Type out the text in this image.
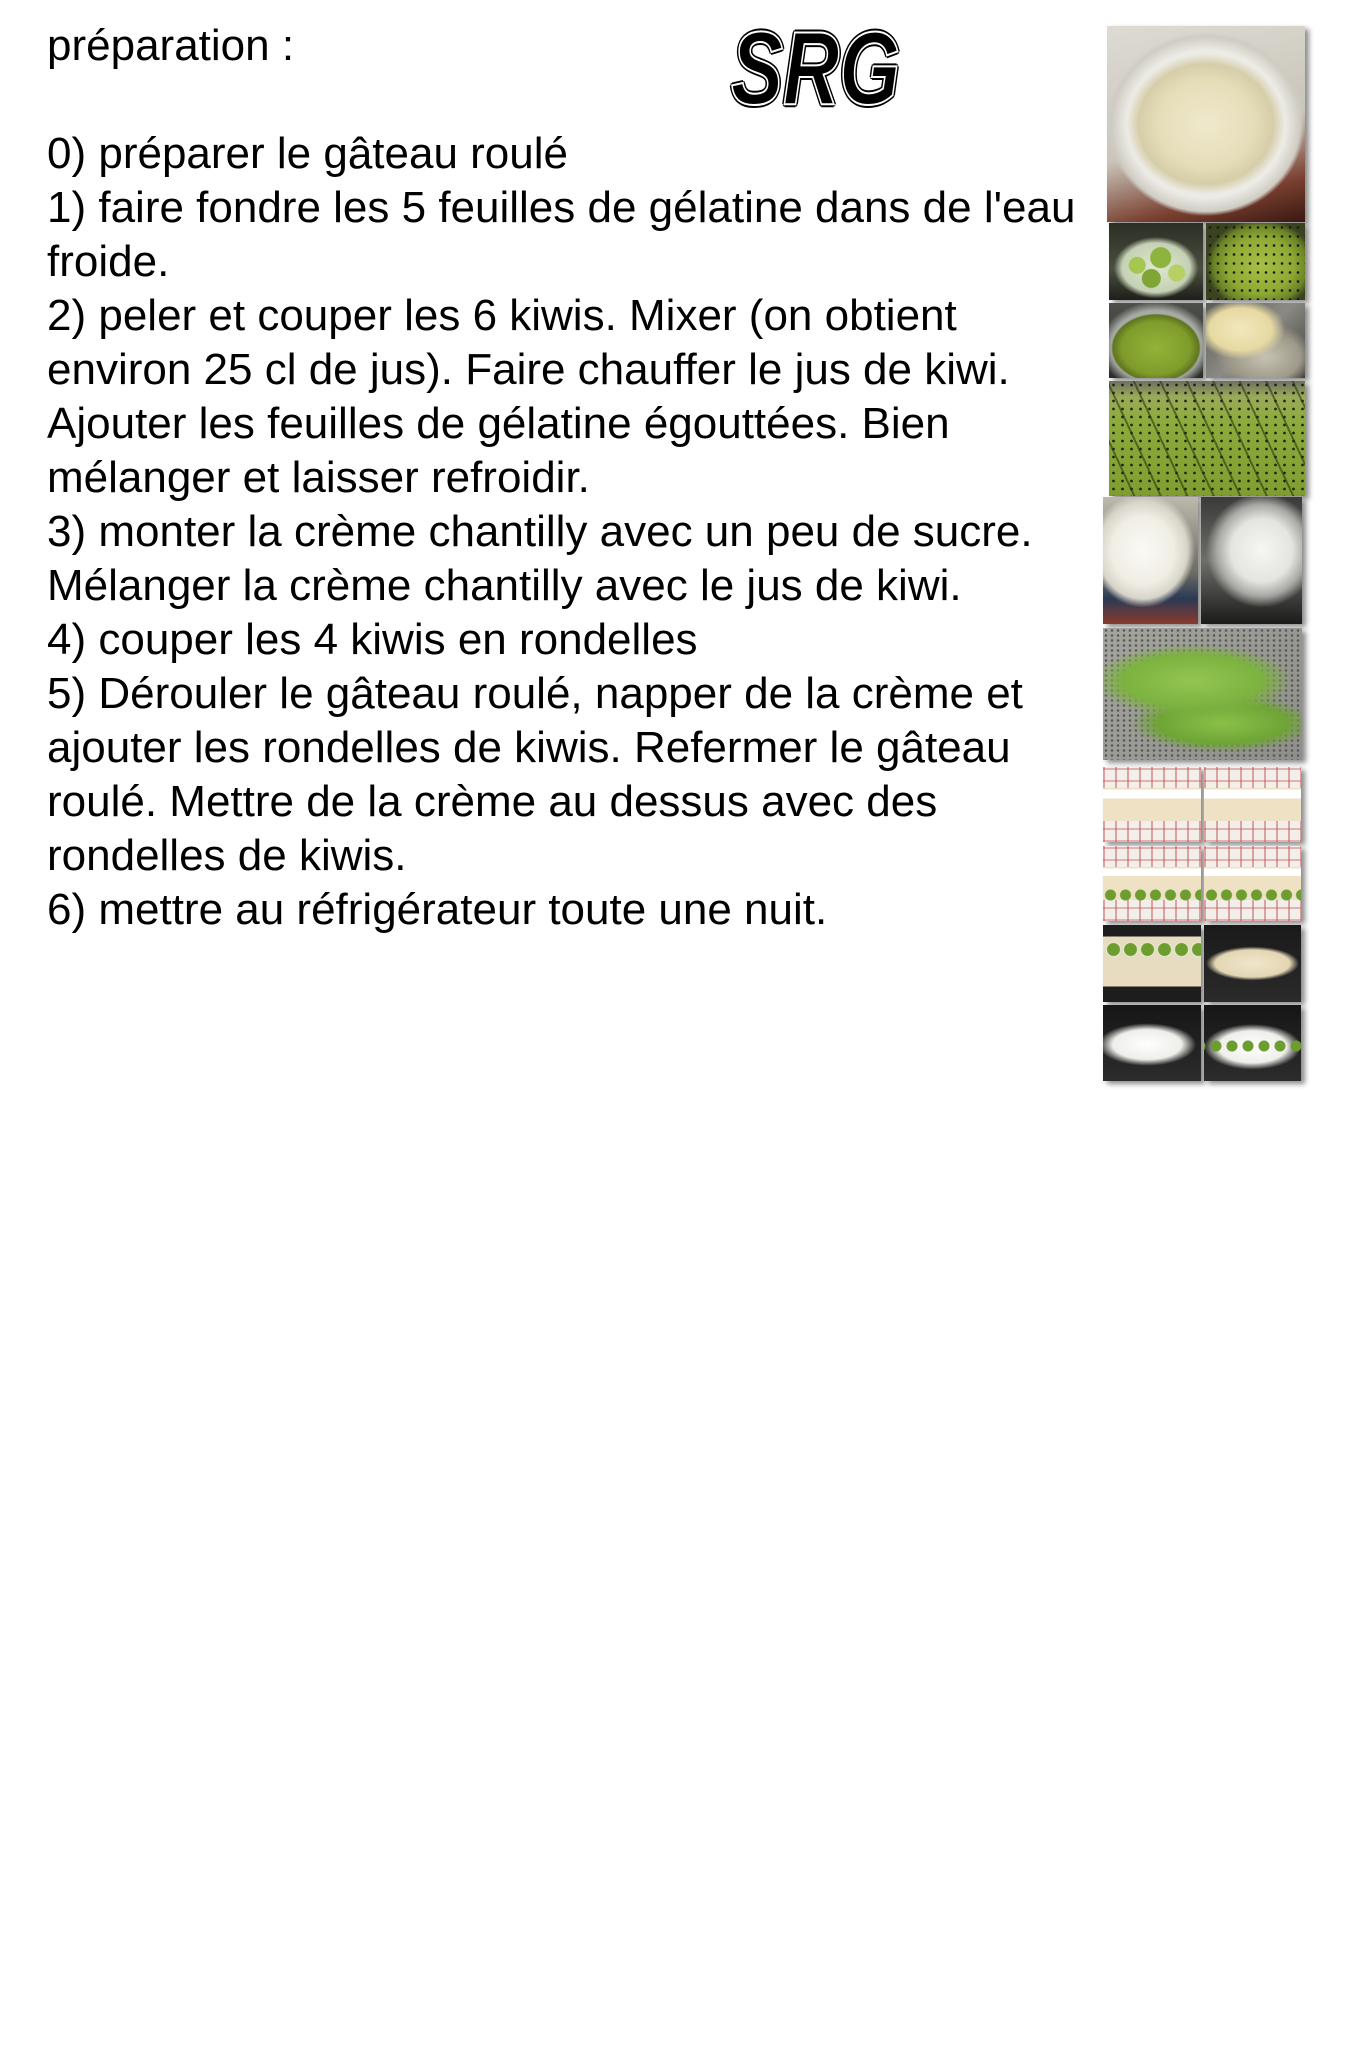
SRG
préparation :
0) préparer le gâteau roulé
1) faire fondre les 5 feuilles de gélatine dans de l'eau
froide.
2) peler et couper les 6 kiwis. Mixer (on obtient
environ 25 cl de jus). Faire chauffer le jus de kiwi.
Ajouter les feuilles de gélatine égouttées. Bien
mélanger et laisser refroidir.
3) monter la crème chantilly avec un peu de sucre.
Mélanger la crème chantilly avec le jus de kiwi.
4) couper les 4 kiwis en rondelles
5) Dérouler le gâteau roulé, napper de la crème et
ajouter les rondelles de kiwis. Refermer le gâteau
roulé. Mettre de la crème au dessus avec des
rondelles de kiwis.
6) mettre au réfrigérateur toute une nuit.
